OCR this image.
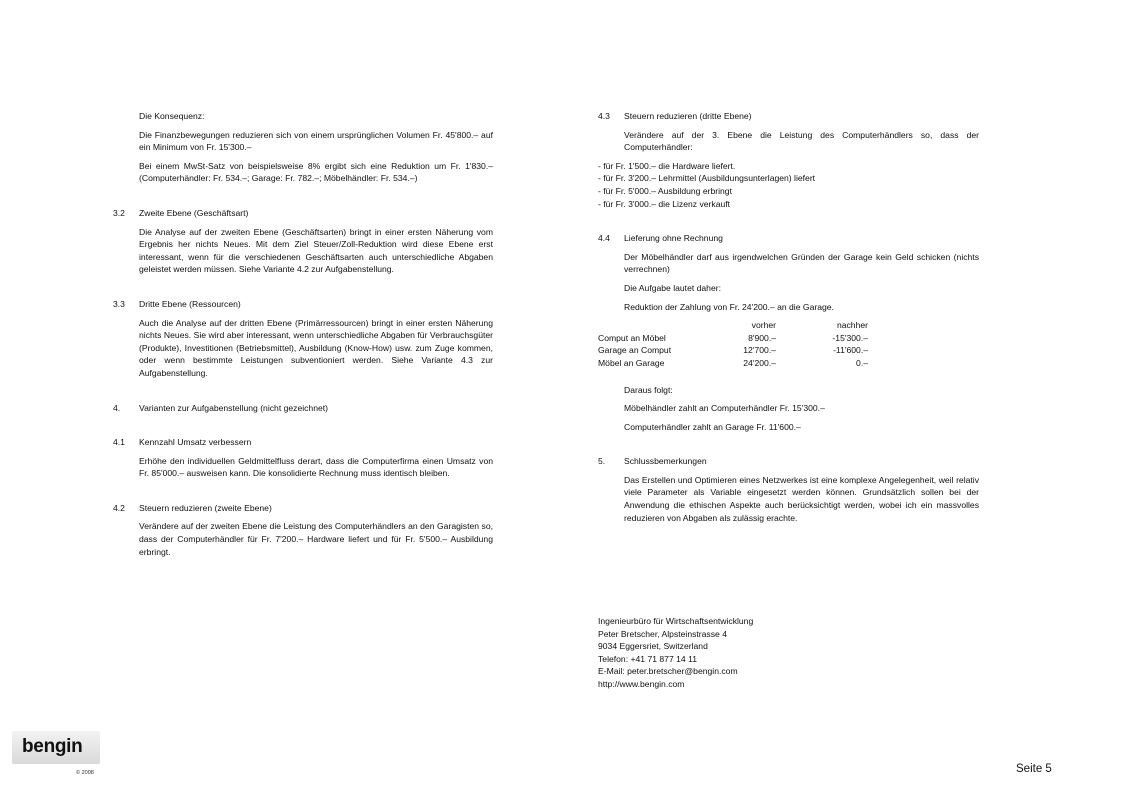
Die Konsequenz:

Die Finanzbewegungen reduzieren sich von einem ursprünglichen Volumen Fr. 45'800.– auf ein Minimum von Fr. 15'300.–

Bei einem MwSt-Satz von beispielsweise 8% ergibt sich eine Reduktion um Fr. 1'830.– (Computerhändler: Fr. 534.–; Garage: Fr. 782.–; Möbelhändler: Fr. 534.–)

3.2	Zweite Ebene (Geschäftsart)

Die Analyse auf der zweiten Ebene (Geschäftsarten) bringt in einer ersten Näherung vom Ergebnis her nichts Neues. Mit dem Ziel Steuer/Zoll-Reduktion wird diese Ebene erst interessant, wenn für die verschiedenen Geschäftsarten auch unterschiedliche Abgaben geleistet werden müssen. Siehe Variante 4.2 zur Aufgabenstellung.

3.3	Dritte Ebene (Ressourcen)

Auch die Analyse auf der dritten Ebene (Primärressourcen) bringt in einer ersten Näherung nichts Neues. Sie wird aber interessant, wenn unterschiedliche Abgaben für Verbrauchsgüter (Produkte), Investitionen (Betriebsmittel), Ausbildung (Know-How) usw. zum Zuge kommen, oder wenn bestimmte Leistungen subventioniert werden. Siehe Variante 4.3 zur Aufgabenstellung.

4.	Varianten zur Aufgabenstellung (nicht gezeichnet)
4.1	Kennzahl Umsatz verbessern

Erhöhe den individuellen Geldmittelfluss derart, dass die Computerfirma einen Umsatz von Fr. 85'000.– ausweisen kann. Die konsolidierte Rechnung muss identisch bleiben.

4.2	Steuern reduzieren (zweite Ebene)

Verändere auf der zweiten Ebene die Leistung des Computerhändlers an den Garagisten so, dass der Computerhändler für Fr. 7'200.– Hardware liefert und für Fr. 5'500.– Ausbildung erbringt.

4.3	Steuern reduzieren (dritte Ebene)

Verändere auf der 3. Ebene die Leistung des Computerhändlers so, dass der Computerhändler:

- für Fr. 1'500.– die Hardware liefert.
- für Fr. 3'200.– Lehrmittel (Ausbildungsunterlagen) liefert
- für Fr. 5'000.– Ausbildung erbringt
- für Fr. 3'000.– die Lizenz verkauft
4.4	Lieferung ohne Rechnung

Der Möbelhändler darf aus irgendwelchen Gründen der Garage kein Geld schicken (nichts verrechnen)

Die Aufgabe lautet daher:

Reduktion der Zahlung von Fr. 24'200.– an die Garage.

	vorher	nachher
Comput an Möbel	8'900.–	-15'300.–
Garage an Comput	12'700.–	-11'600.–
Möbel an Garage	24'200.–	0.–

Daraus folgt:

Möbelhändler zahlt an Computerhändler Fr. 15'300.–

Computerhändler zahlt an Garage Fr. 11'600.–

5.	Schlussbemerkungen

Das Erstellen und Optimieren eines Netzwerkes ist eine komplexe Angelegenheit, weil relativ viele Parameter als Variable eingesetzt werden können. Grundsätzlich sollen bei der Anwendung die ethischen Aspekte auch berücksichtigt werden, wobei ich ein massvolles reduzieren von Abgaben als zulässig erachte.

Ingenieurbüro für Wirtschaftsentwicklung
Peter Bretscher, Alpsteinstrasse 4
9034 Eggersriet, Switzerland
Telefon: +41 71 877 14 11
E-Mail: peter.bretscher@bengin.com
http://www.bengin.com
bengin
© 2008	Seite 5
